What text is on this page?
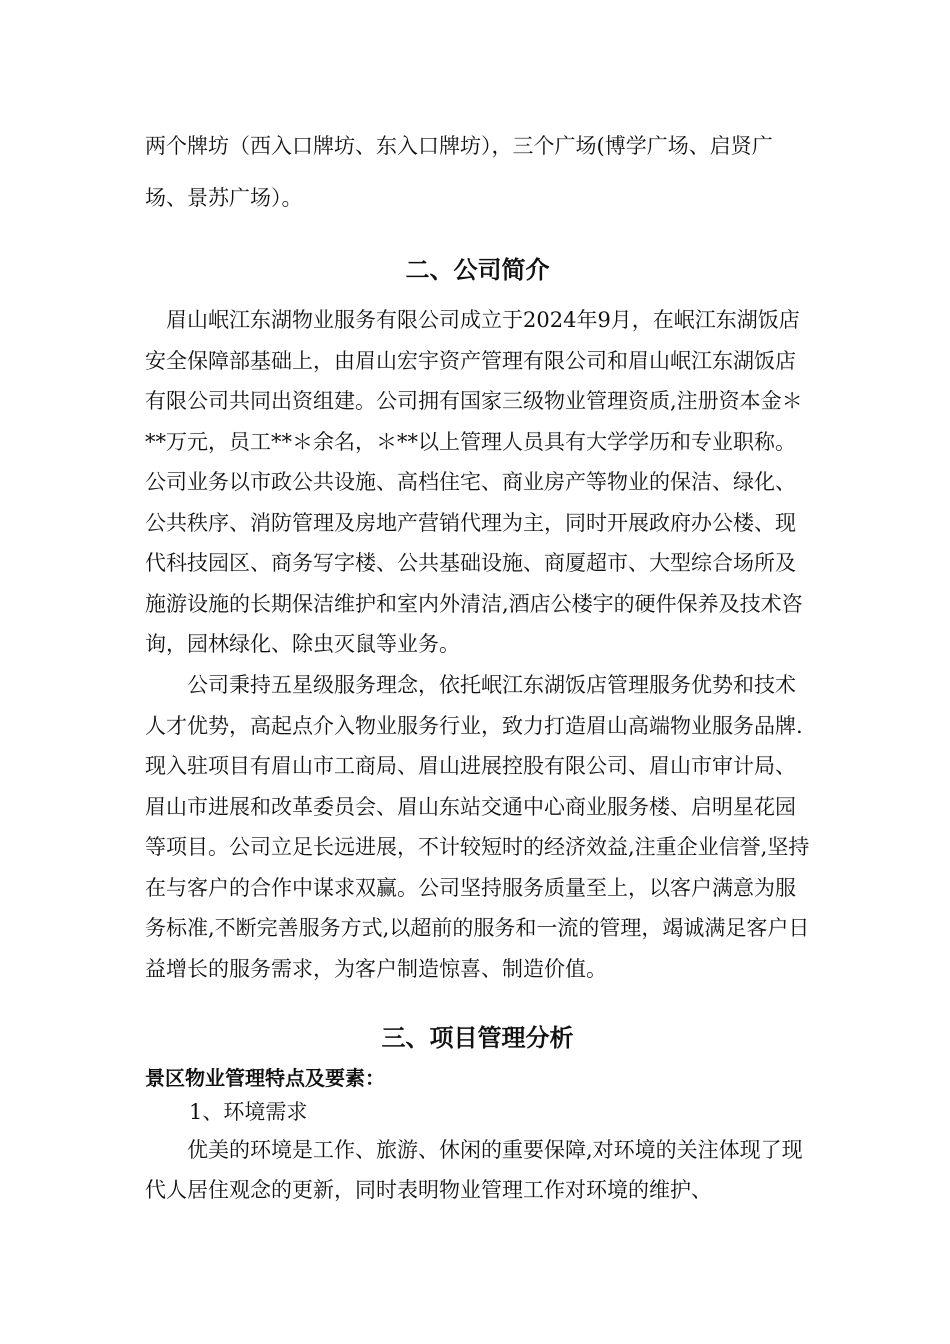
两个牌坊（西入口牌坊、东入口牌坊），三个广场(博学广场、启贤广场、景苏广场）。

二、公司简介

眉山岷江东湖物业服务有限公司成立于2024年9月，在岷江东湖饭店安全保障部基础上，由眉山宏宇资产管理有限公司和眉山岷江东湖饭店有限公司共同出资组建。公司拥有国家三级物业管理资质,注册资本金＊**万元，员工**＊余名，＊**以上管理人员具有大学学历和专业职称。公司业务以市政公共设施、高档住宅、商业房产等物业的保洁、绿化、公共秩序、消防管理及房地产营销代理为主，同时开展政府办公楼、现代科技园区、商务写字楼、公共基础设施、商厦超市、大型综合场所及施游设施的长期保洁维护和室内外清洁,酒店公楼宇的硬件保养及技术咨询，园林绿化、除虫灭鼠等业务。

公司秉持五星级服务理念，依托岷江东湖饭店管理服务优势和技术人才优势，高起点介入物业服务行业，致力打造眉山高端物业服务品牌.现入驻项目有眉山市工商局、眉山进展控股有限公司、眉山市审计局、眉山市进展和改革委员会、眉山东站交通中心商业服务楼、启明星花园等项目。公司立足长远进展，不计较短时的经济效益,注重企业信誉,坚持在与客户的合作中谋求双赢。公司坚持服务质量至上，以客户满意为服务标准,不断完善服务方式,以超前的服务和一流的管理，竭诚满足客户日益增长的服务需求，为客户制造惊喜、制造价值。

三、项目管理分析

景区物业管理特点及要素：

1、环境需求

优美的环境是工作、旅游、休闲的重要保障,对环境的关注体现了现代人居住观念的更新，同时表明物业管理工作对环境的维护、
